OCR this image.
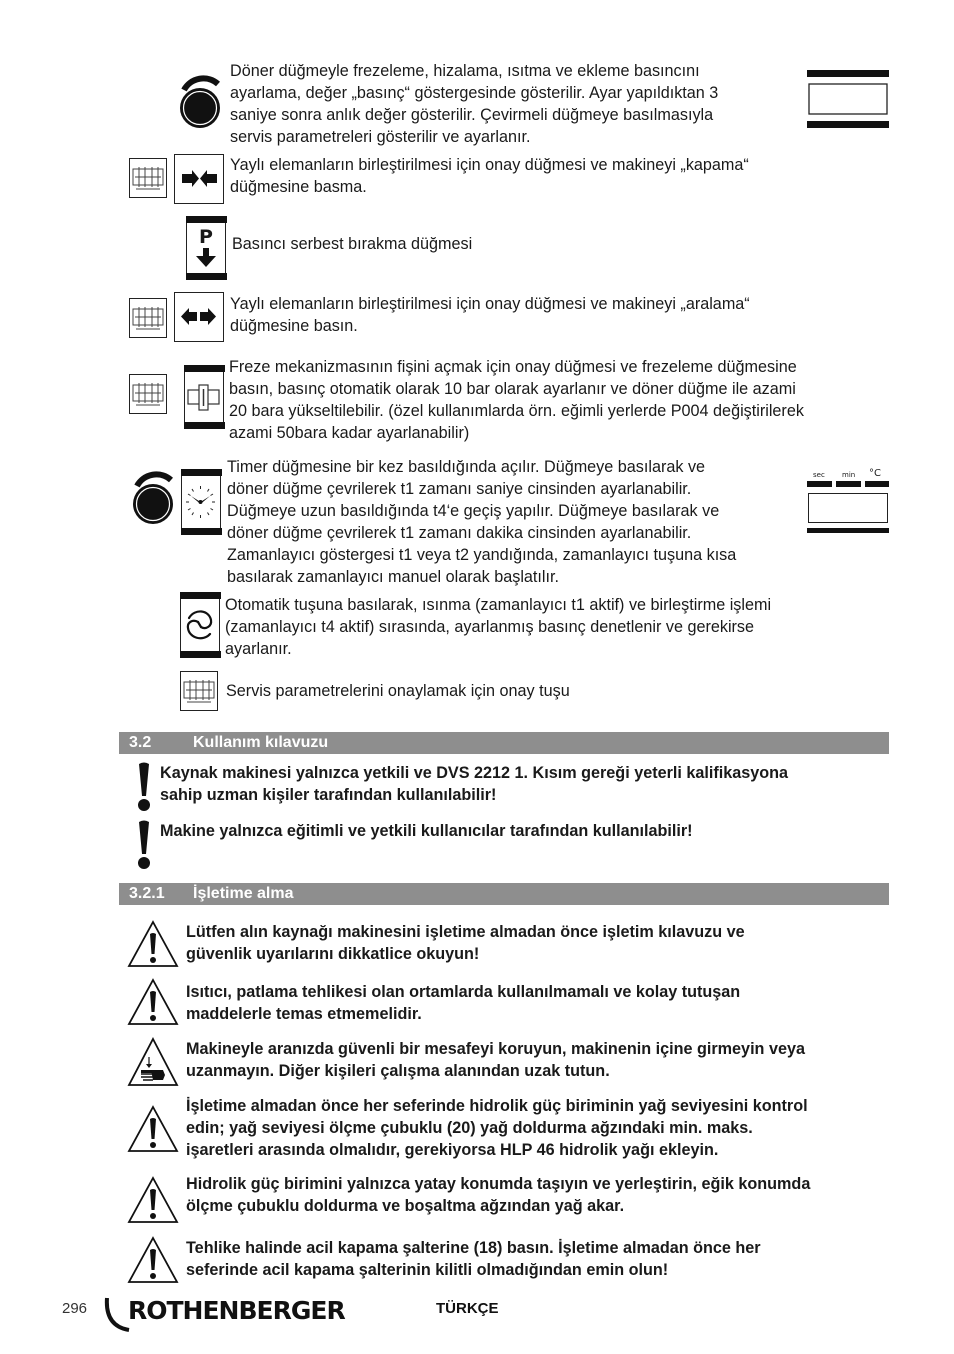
Döner düğmeyle frezeleme, hizalama, ısıtma ve ekleme basıncını
ayarlama, değer „basınç“ göstergesinde gösterilir. Ayar yapıldıktan 3
saniye sonra anlık değer gösterilir. Çevirmeli düğmeye basılmasıyla
servis parametreleri gösterilir ve ayarlanır.
Yaylı elemanların birleştirilmesi için onay düğmesi ve makineyi „kapama“
düğmesine basma.
P	Basıncı serbest bırakma düğmesi
Yaylı elemanların birleştirilmesi için onay düğmesi ve makineyi „aralama“
düğmesine basın.
Freze mekanizmasının fişini açmak için onay düğmesi ve frezeleme düğmesine
basın, basınç otomatik olarak 10 bar olarak ayarlanır ve döner düğme ile azami
20 bara yükseltilebilir. (özel kullanımlarda örn. eğimli yerlerde P004 değiştirilerek
azami 50bara kadar ayarlanabilir)
Timer düğmesine bir kez basıldığında açılır. Düğmeye basılarak ve
döner düğme çevrilerek t1 zamanı saniye cinsinden ayarlanabilir.
Düğmeye uzun basıldığında t4‘e geçiş yapılır. Düğmeye basılarak ve
döner düğme çevrilerek t1 zamanı dakika cinsinden ayarlanabilir.
Zamanlayıcı göstergesi t1 veya t2 yandığında, zamanlayıcı tuşuna kısa
basılarak zamanlayıcı manuel olarak başlatılır.
sec min °C
Otomatik tuşuna basılarak, ısınma (zamanlayıcı t1 aktif) ve birleştirme işlemi
(zamanlayıcı t4 aktif) sırasında, ayarlanmış basınç denetlenir ve gerekirse
ayarlanır.
Servis parametrelerini onaylamak için onay tuşu
3.2	Kullanım kılavuzu
Kaynak makinesi yalnızca yetkili ve DVS 2212 1. Kısım gereği yeterli kalifikasyona
sahip uzman kişiler tarafından kullanılabilir!
Makine yalnızca eğitimli ve yetkili kullanıcılar tarafından kullanılabilir!
3.2.1 İşletime alma
Lütfen alın kaynağı makinesini işletime almadan önce işletim kılavuzu ve
güvenlik uyarılarını dikkatlice okuyun!
Isıtıcı, patlama tehlikesi olan ortamlarda kullanılmamalı ve kolay tutuşan
maddelerle temas etmemelidir.
Makineyle aranızda güvenli bir mesafeyi koruyun, makinenin içine girmeyin veya
uzanmayın. Diğer kişileri çalışma alanından uzak tutun.
İşletime almadan önce her seferinde hidrolik güç biriminin yağ seviyesini kontrol
edin; yağ seviyesi ölçme çubuklu (20) yağ doldurma ağzındaki min. maks.
işaretleri arasında olmalıdır, gerekiyorsa HLP 46 hidrolik yağı ekleyin.
Hidrolik güç birimini yalnızca yatay konumda taşıyın ve yerleştirin, eğik konumda
ölçme çubuklu doldurma ve boşaltma ağzından yağ akar.
Tehlike halinde acil kapama şalterine (18) basın. İşletime almadan önce her
seferinde acil kapama şalterinin kilitli olmadığından emin olun!
296 ROTHENBERGER	TÜRKÇE
